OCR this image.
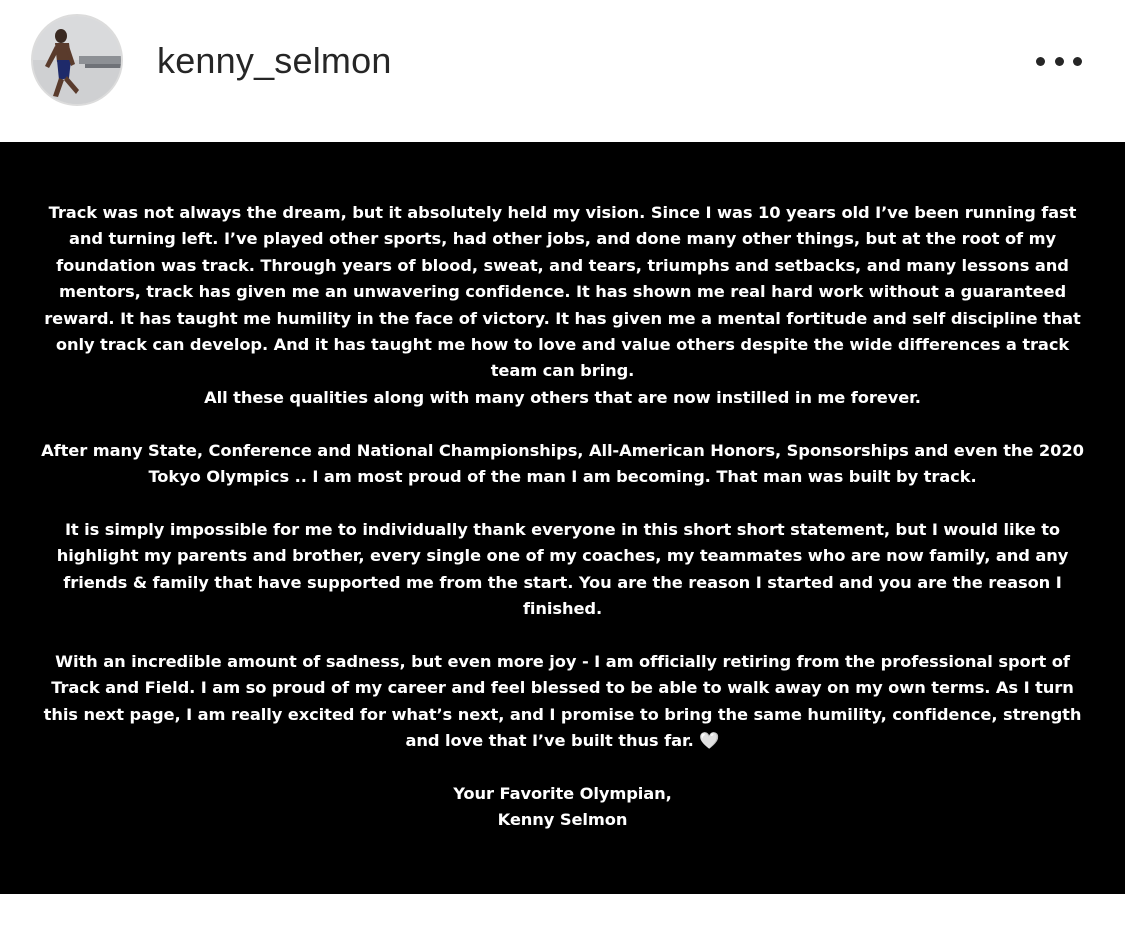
kenny_selmon

Track was not always the dream, but it absolutely held my vision. Since I was 10 years old I’ve been running fast and turning left. I’ve played other sports, had other jobs, and done many other things, but at the root of my foundation was track. Through years of blood, sweat, and tears, triumphs and setbacks, and many lessons and mentors, track has given me an unwavering confidence. It has shown me real hard work without a guaranteed reward. It has taught me humility in the face of victory. It has given me a mental fortitude and self discipline that only track can develop. And it has taught me how to love and value others despite the wide differences a track team can bring.

All these qualities along with many others that are now instilled in me forever.

After many State, Conference and National Championships, All-American Honors, Sponsorships and even the 2020 Tokyo Olympics .. I am most proud of the man I am becoming. That man was built by track.

It is simply impossible for me to individually thank everyone in this short short statement, but I would like to highlight my parents and brother, every single one of my coaches, my teammates who are now family, and any friends & family that have supported me from the start. You are the reason I started and you are the reason I finished.

With an incredible amount of sadness, but even more joy - I am officially retiring from the professional sport of Track and Field. I am so proud of my career and feel blessed to be able to walk away on my own terms. As I turn this next page, I am really excited for what’s next, and I promise to bring the same humility, confidence, strength and love that I’ve built thus far. 🤍

Your Favorite Olympian,

Kenny Selmon
